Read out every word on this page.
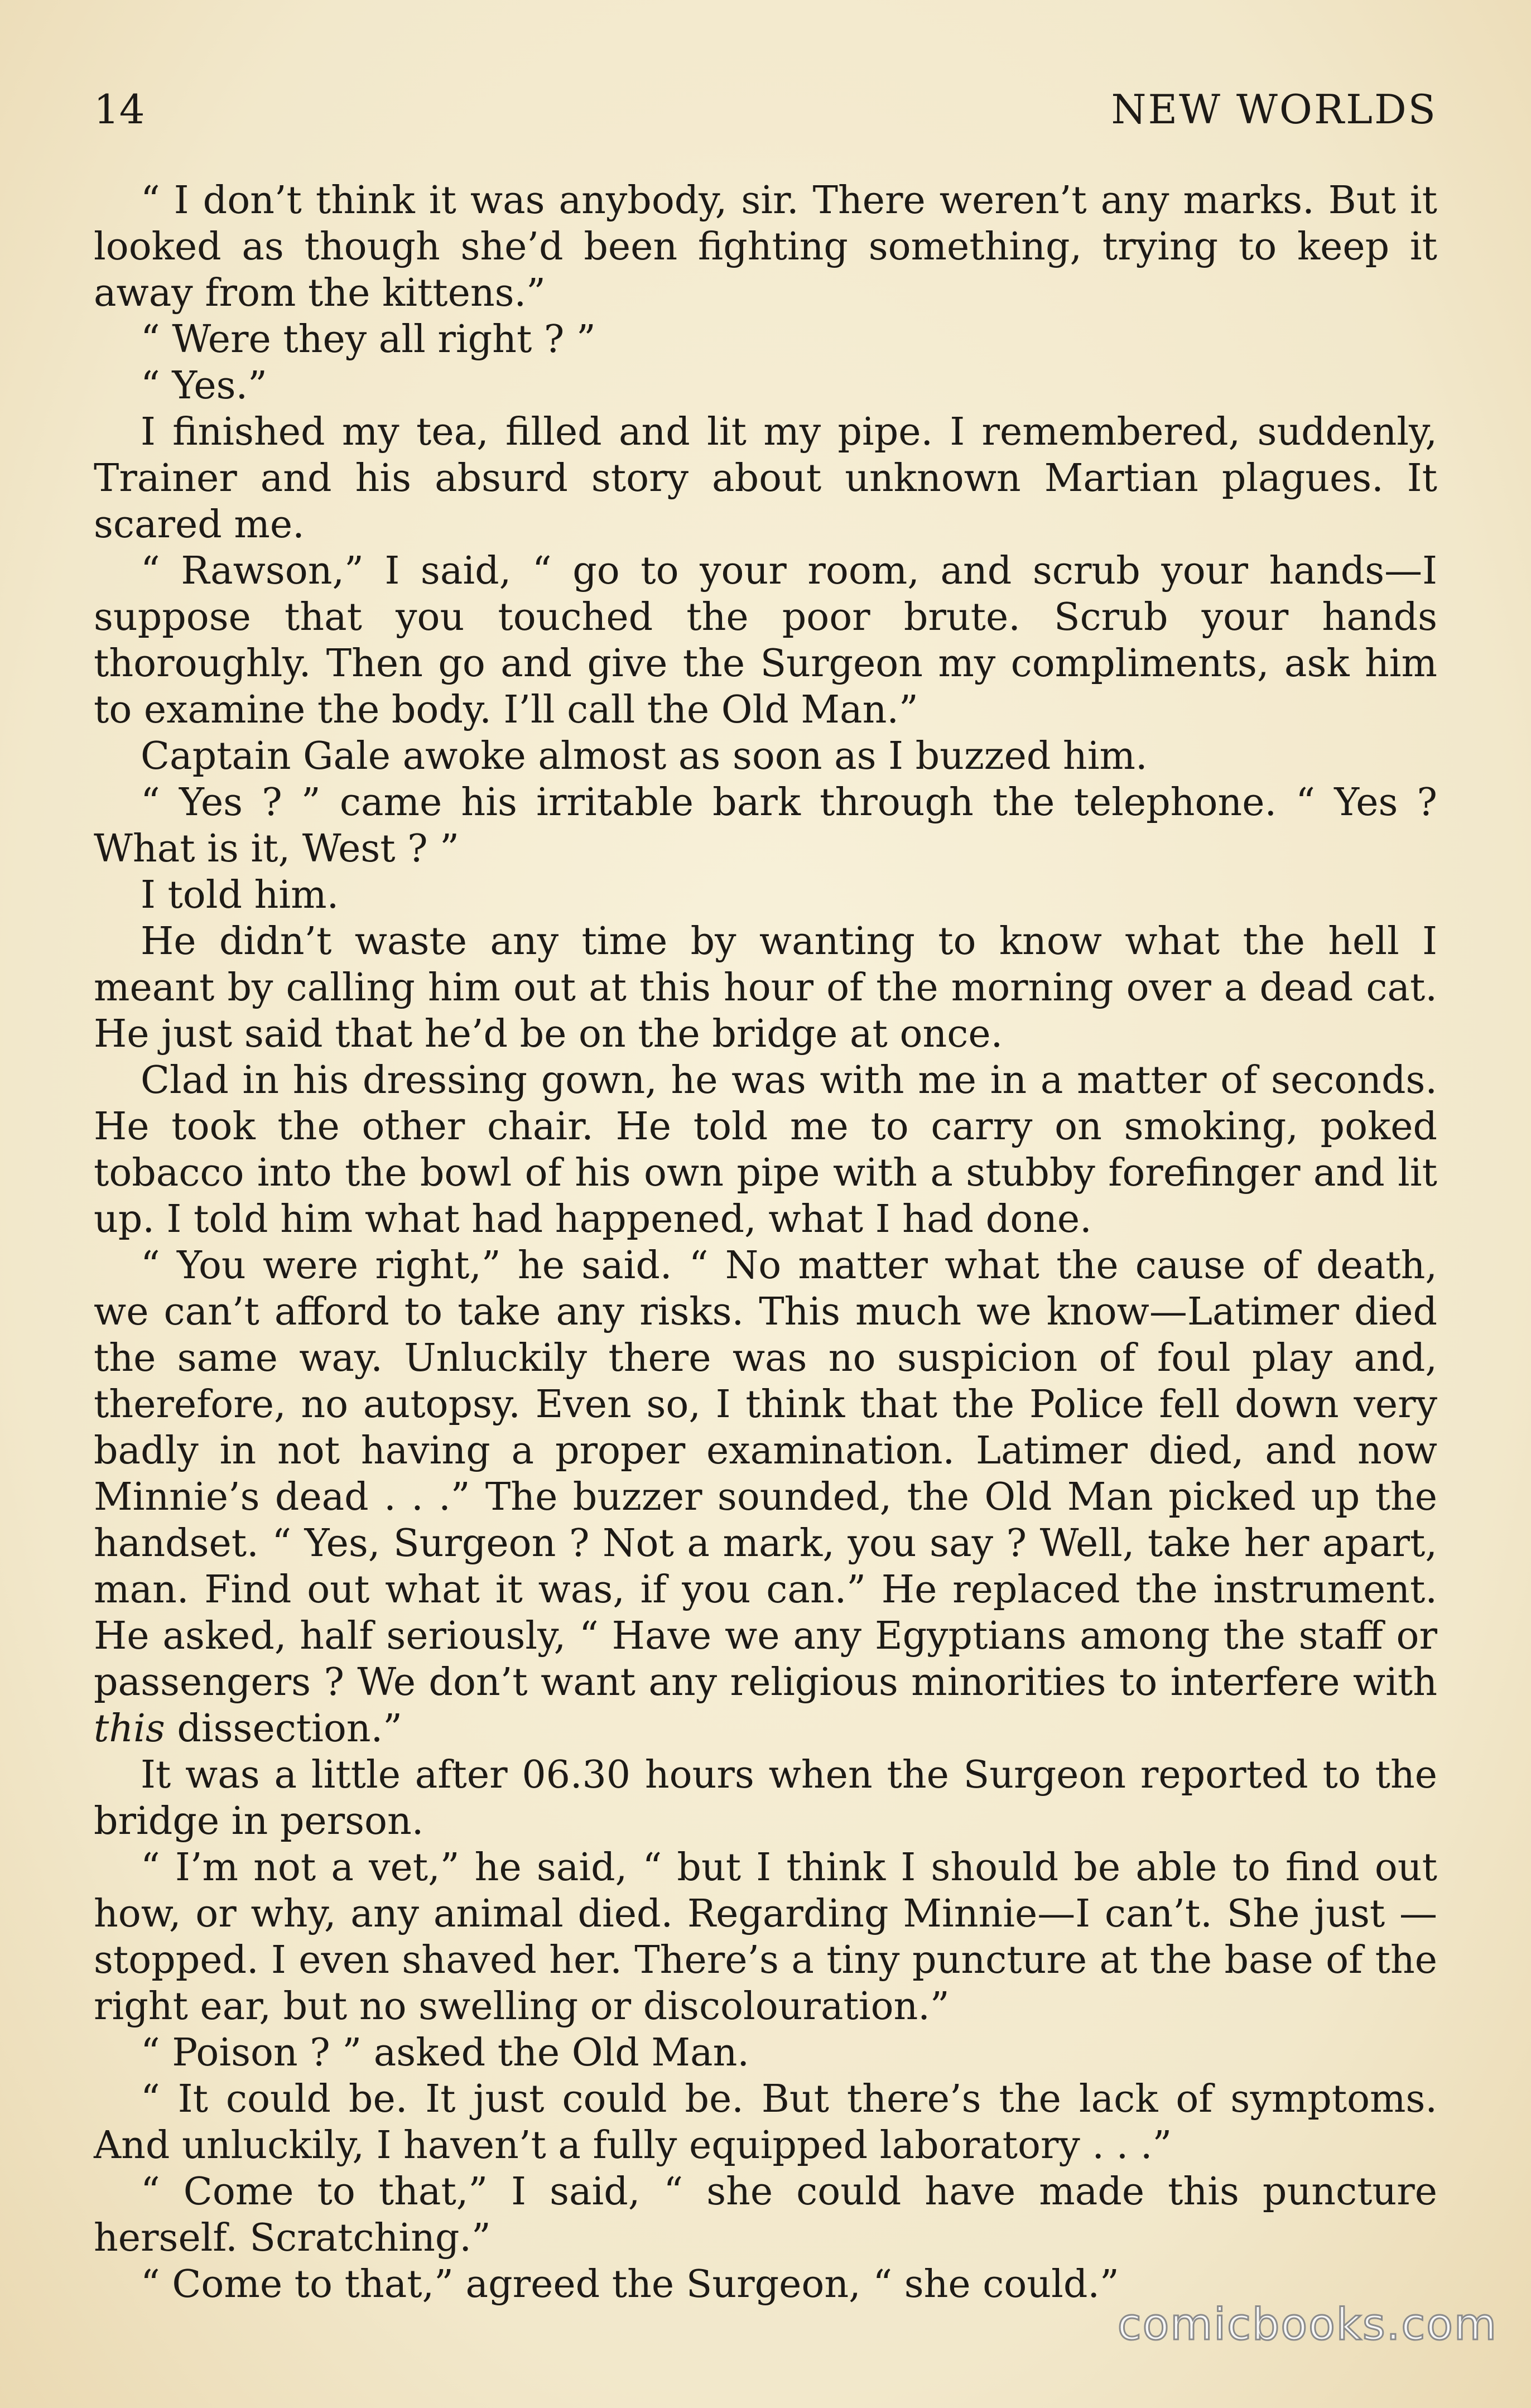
14	NEW WORLDS

“ I don’t think it was anybody, sir. There weren’t any marks. But it looked as though she’d been fighting something, trying to keep it away from the kittens.”

“ Were they all right ? ”

“ Yes.”

I finished my tea, filled and lit my pipe. I remembered, suddenly, Trainer and his absurd story about unknown Martian plagues. It scared me.

“ Rawson,” I said, “ go to your room, and scrub your hands—I suppose that you touched the poor brute. Scrub your hands thoroughly. Then go and give the Surgeon my compliments, ask him to examine the body. I’ll call the Old Man.”

Captain Gale awoke almost as soon as I buzzed him.

“ Yes ? ” came his irritable bark through the telephone. “ Yes ? What is it, West ? ”

I told him.

He didn’t waste any time by wanting to know what the hell I meant by calling him out at this hour of the morning over a dead cat. He just said that he’d be on the bridge at once.

Clad in his dressing gown, he was with me in a matter of seconds. He took the other chair. He told me to carry on smoking, poked tobacco into the bowl of his own pipe with a stubby forefinger and lit up. I told him what had happened, what I had done.

“ You were right,” he said. “ No matter what the cause of death, we can’t afford to take any risks. This much we know—Latimer died the same way. Unluckily there was no suspicion of foul play and, therefore, no autopsy. Even so, I think that the Police fell down very badly in not having a proper examination. Latimer died, and now Minnie’s dead . . .” The buzzer sounded, the Old Man picked up the handset. “ Yes, Surgeon ? Not a mark, you say ? Well, take her apart, man. Find out what it was, if you can.” He replaced the instrument. He asked, half seriously, “ Have we any Egyptians among the staff or passengers ? We don’t want any religious minorities to interfere with this dissection.”

It was a little after 06.30 hours when the Surgeon reported to the bridge in person.

“ I’m not a vet,” he said, “ but I think I should be able to find out how, or why, any animal died. Regarding Minnie—I can’t. She just —stopped. I even shaved her. There’s a tiny puncture at the base of the right ear, but no swelling or discolouration.”

“ Poison ? ” asked the Old Man.

“ It could be. It just could be. But there’s the lack of symptoms. And unluckily, I haven’t a fully equipped laboratory . . .”

“ Come to that,” I said, “ she could have made this puncture herself. Scratching.”

“ Come to that,” agreed the Surgeon, “ she could.”

comicbooks.com
